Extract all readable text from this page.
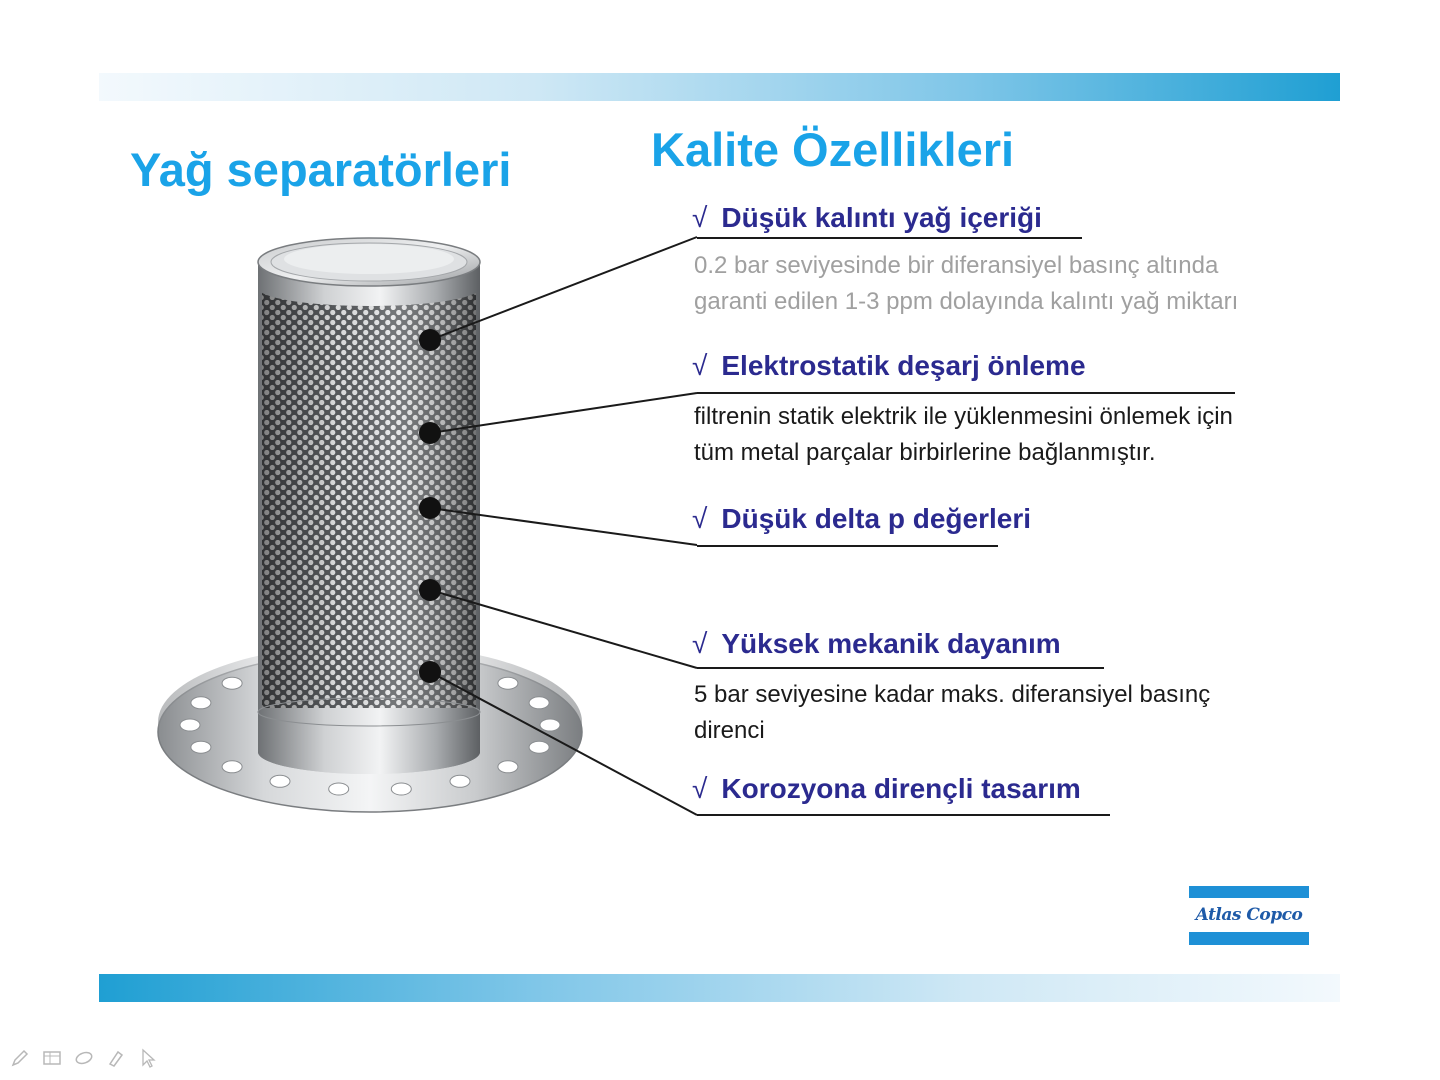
Yağ separatörleri	Kalite Özellikleri
√ Düşük kalıntı yağ içeriği
0.2 bar seviyesinde bir diferansiyel basınç altında
garanti edilen 1-3 ppm dolayında kalıntı yağ miktarı
√ Elektrostatik deşarj önleme
filtrenin statik elektrik ile yüklenmesini önlemek için
tüm metal parçalar birbirlerine bağlanmıştır.
√ Düşük delta p değerleri
√ Yüksek mekanik dayanım
5 bar seviyesine kadar maks. diferansiyel basınç
direnci
√ Korozyona dirençli tasarım
Atlas Copco
